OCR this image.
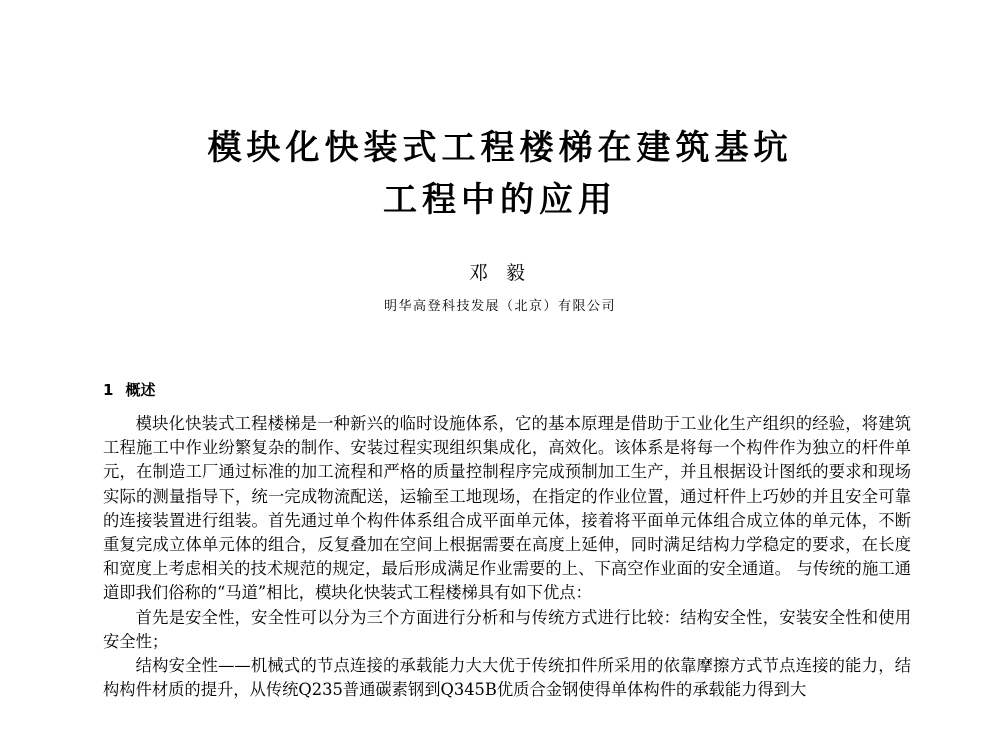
模块化快装式工程楼梯在建筑基坑
工程中的应用
邓 毅
明华高登科技发展（北京）有限公司
1 概述

模块化快装式工程楼梯是一种新兴的临时设施体系，它的基本原理是借助于工业化生产组织的经验，将建筑工程施工中作业纷繁复杂的制作、安装过程实现组织集成化，高效化。该体系是将每一个构件作为独立的杆件单元，在制造工厂通过标准的加工流程和严格的质量控制程序完成预制加工生产，并且根据设计图纸的要求和现场实际的测量指导下，统一完成物流配送，运输至工地现场，在指定的作业位置，通过杆件上巧妙的并且安全可靠的连接装置进行组装。首先通过单个构件体系组合成平面单元体，接着将平面单元体组合成立体的单元体，不断重复完成立体单元体的组合，反复叠加在空间上根据需要在高度上延伸，同时满足结构力学稳定的要求，在长度和宽度上考虑相关的技术规范的规定，最后形成满足作业需要的上、下高空作业面的安全通道。 与传统的施工通道即我们俗称的“马道”相比，模块化快装式工程楼梯具有如下优点：

首先是安全性，安全性可以分为三个方面进行分析和与传统方式进行比较：结构安全性，安装安全性和使用安全性；

结构安全性——机械式的节点连接的承载能力大大优于传统扣件所采用的依靠摩擦方式节点连接的能力，结构构件材质的提升，从传统Q235普通碳素钢到Q345B优质合金钢使得单体构件的承载能力得到大
